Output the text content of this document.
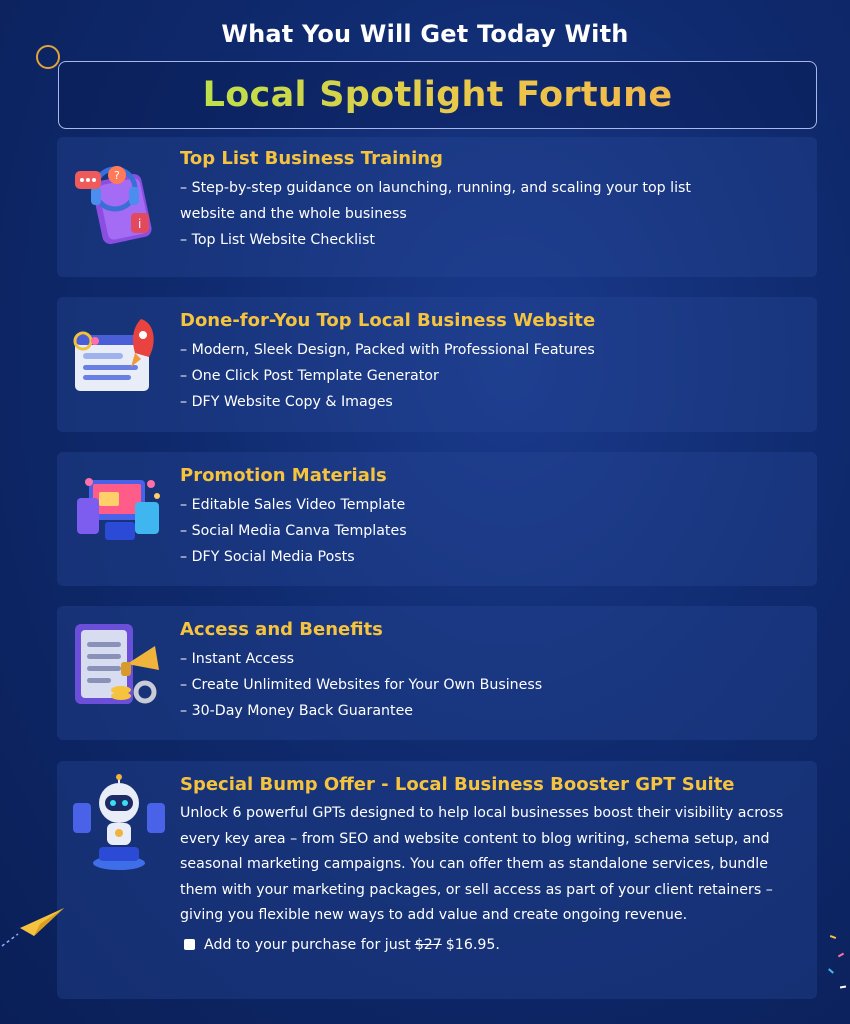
What You Will Get Today With
Local Spotlight Fortune
?
i
Top List Business Training
– Step-by-step guidance on launching, running, and scaling your top list
website and the whole business
– Top List Website Checklist
Done-for-You Top Local Business Website
– Modern, Sleek Design, Packed with Professional Features
– One Click Post Template Generator
– DFY Website Copy & Images
Promotion Materials
– Editable Sales Video Template
– Social Media Canva Templates
– DFY Social Media Posts
Access and Benefits
– Instant Access
– Create Unlimited Websites for Your Own Business
– 30-Day Money Back Guarantee
Special Bump Offer - Local Business Booster GPT Suite
Unlock 6 powerful GPTs designed to help local businesses boost their visibility across every key area – from SEO and website content to blog writing, schema setup, and seasonal marketing campaigns. You can offer them as standalone services, bundle them with your marketing packages, or sell access as part of your client retainers – giving you flexible new ways to add value and create ongoing revenue.
Add to your purchase for just $27 $16.95.
